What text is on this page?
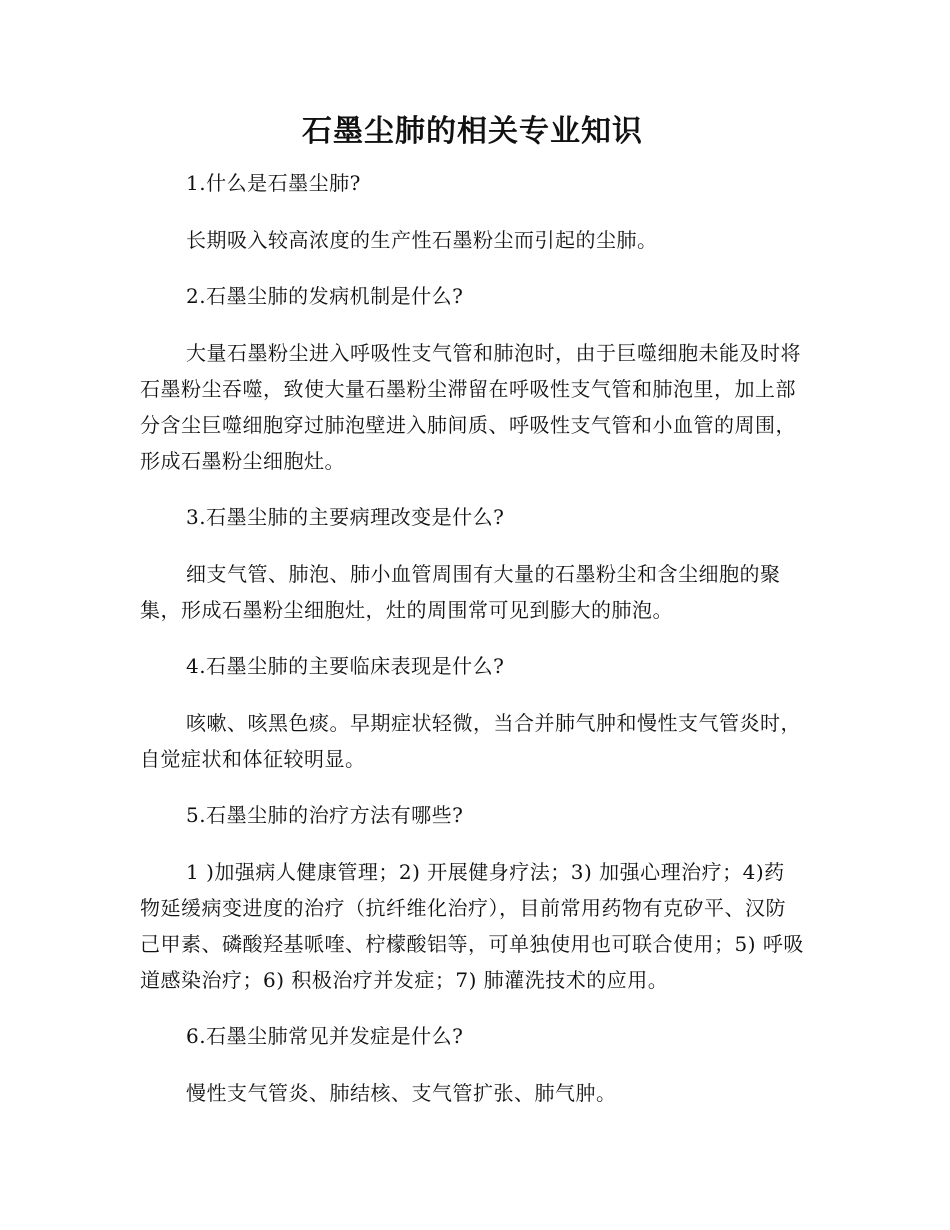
石墨尘肺的相关专业知识

1.什么是石墨尘肺?

长期吸入较高浓度的生产性石墨粉尘而引起的尘肺。

2.石墨尘肺的发病机制是什么?

大量石墨粉尘进入呼吸性支气管和肺泡时，由于巨噬细胞未能及时将石墨粉尘吞噬，致使大量石墨粉尘滞留在呼吸性支气管和肺泡里，加上部分含尘巨噬细胞穿过肺泡壁进入肺间质、呼吸性支气管和小血管的周围，形成石墨粉尘细胞灶。

3.石墨尘肺的主要病理改变是什么?

细支气管、肺泡、肺小血管周围有大量的石墨粉尘和含尘细胞的聚集，形成石墨粉尘细胞灶，灶的周围常可见到膨大的肺泡。

4.石墨尘肺的主要临床表现是什么?

咳嗽、咳黑色痰。早期症状轻微，当合并肺气肿和慢性支气管炎时，自觉症状和体征较明显。

5.石墨尘肺的治疗方法有哪些?

1 )加强病人健康管理；2) 开展健身疗法；3) 加强心理治疗；4)药物延缓病变进度的治疗（抗纤维化治疗），目前常用药物有克矽平、汉防己甲素、磷酸羟基哌喹、柠檬酸铝等，可单独使用也可联合使用；5) 呼吸道感染治疗；6) 积极治疗并发症；7) 肺灌洗技术的应用。

6.石墨尘肺常见并发症是什么?

慢性支气管炎、肺结核、支气管扩张、肺气肿。
